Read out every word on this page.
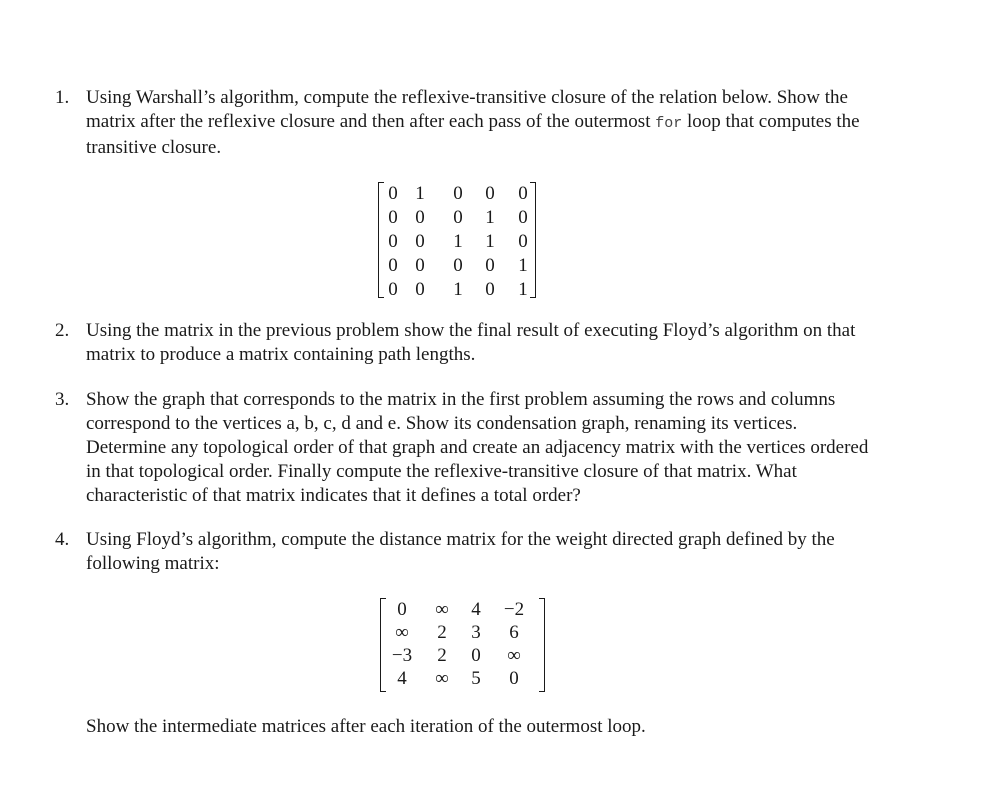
1. Using Warshall’s algorithm, compute the reflexive-transitive closure of the relation below. Show the matrix after the reflexive closure and then after each pass of the outermost for loop that computes the transitive closure.
0 1	0	0	0
0 0	0	1	0
0 0	1	1	0
0 0	0	0	1
0 0	1	0	1
2. Using the matrix in the previous problem show the final result of executing Floyd’s algorithm on that matrix to produce a matrix containing path lengths.
3. Show the graph that corresponds to the matrix in the first problem assuming the rows and columns correspond to the vertices a, b, c, d and e. Show its condensation graph, renaming its vertices. Determine any topological order of that graph and create an adjacency matrix with the vertices ordered in that topological order. Finally compute the reflexive-transitive closure of that matrix. What characteristic of that matrix indicates that it defines a total order?
4. Using Floyd’s algorithm, compute the distance matrix for the weight directed graph defined by the following matrix:
0	∞	4	−2
∞	2	3	6
−3	2	0	∞
4	∞	5	0
Show the intermediate matrices after each iteration of the outermost loop.
